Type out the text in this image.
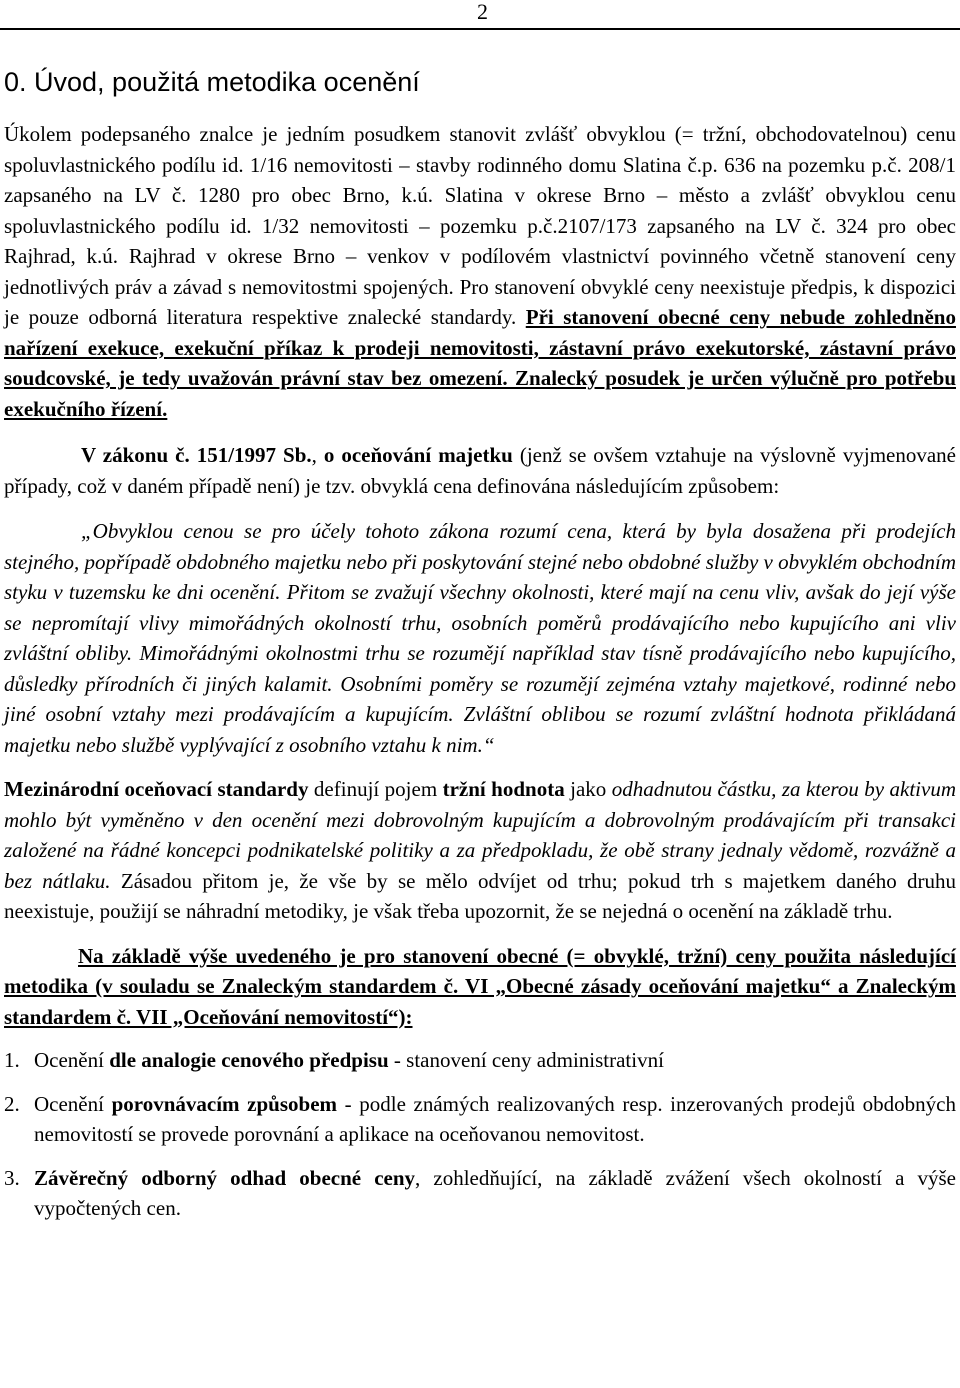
2
0. Úvod, použitá metodika ocenění

Úkolem podepsaného znalce je jedním posudkem stanovit zvlášť obvyklou (= tržní, obchodovatelnou) cenu spoluvlastnického podílu id. 1/16 nemovitosti – stavby rodinného domu Slatina č.p. 636 na pozemku p.č. 208/1 zapsaného na LV č. 1280 pro obec Brno, k.ú. Slatina v okrese Brno – město a zvlášť obvyklou cenu spoluvlastnického podílu id. 1/32 nemovitosti – pozemku p.č.2107/173 zapsaného na LV č. 324 pro obec Rajhrad, k.ú. Rajhrad v okrese Brno – venkov v podílovém vlastnictví povinného včetně stanovení ceny jednotlivých práv a závad s nemovitostmi spojených. Pro stanovení obvyklé ceny neexistuje předpis, k dispozici je pouze odborná literatura respektive znalecké standardy. Při stanovení obecné ceny nebude zohledněno nařízení exekuce, exekuční příkaz k prodeji nemovitosti, zástavní právo exekutorské, zástavní právo soudcovské, je tedy uvažován právní stav bez omezení. Znalecký posudek je určen výlučně pro potřebu exekučního řízení.

V zákonu č. 151/1997 Sb., o oceňování majetku (jenž se ovšem vztahuje na výslovně vyjmenované případy, což v daném případě není) je tzv. obvyklá cena definována následujícím způsobem:

„Obvyklou cenou se pro účely tohoto zákona rozumí cena, která by byla dosažena při prodejích stejného, popřípadě obdobného majetku nebo při poskytování stejné nebo obdobné služby v obvyklém obchodním styku v tuzemsku ke dni ocenění. Přitom se zvažují všechny okolnosti, které mají na cenu vliv, avšak do její výše se nepromítají vlivy mimořádných okolností trhu, osobních poměrů prodávajícího nebo kupujícího ani vliv zvláštní obliby. Mimořádnými okolnostmi trhu se rozumějí například stav tísně prodávajícího nebo kupujícího, důsledky přírodních či jiných kalamit. Osobními poměry se rozumějí zejména vztahy majetkové, rodinné nebo jiné osobní vztahy mezi prodávajícím a kupujícím. Zvláštní oblibou se rozumí zvláštní hodnota přikládaná majetku nebo službě vyplývající z osobního vztahu k nim.“

Mezinárodní oceňovací standardy definují pojem tržní hodnota jako odhadnutou částku, za kterou by aktivum mohlo být vyměněno v den ocenění mezi dobrovolným kupujícím a dobrovolným prodávajícím při transakci založené na řádné koncepci podnikatelské politiky a za předpokladu, že obě strany jednaly vědomě, rozvážně a bez nátlaku. Zásadou přitom je, že vše by se mělo odvíjet od trhu; pokud trh s majetkem daného druhu neexistuje, použijí se náhradní metodiky, je však třeba upozornit, že se nejedná o ocenění na základě trhu.

Na základě výše uvedeného je pro stanovení obecné (= obvyklé, tržní) ceny použita následující metodika (v souladu se Znaleckým standardem č. VI „Obecné zásady oceňování majetku“ a Znaleckým standardem č. VII „Oceňování nemovitostí“):

1. Ocenění dle analogie cenového předpisu - stanovení ceny administrativní
2. Ocenění porovnávacím způsobem - podle známých realizovaných resp. inzerovaných prodejů obdobných nemovitostí se provede porovnání a aplikace na oceňovanou nemovitost.
3. Závěrečný odborný odhad obecné ceny, zohledňující, na základě zvážení všech okolností a výše vypočtených cen.
